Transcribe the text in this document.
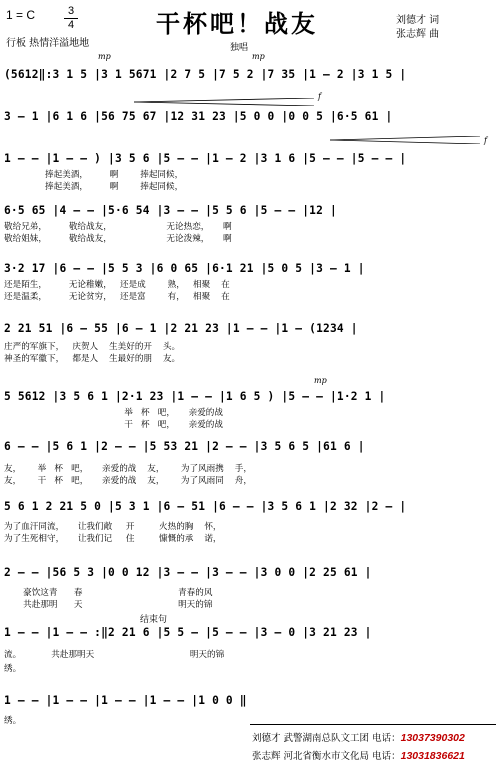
1 = C	3
4
行板 热情洋溢地地
干杯吧！战友	刘德才 词
张志辉 曲
独唱
mp	mp
f
mp
f
(5612‖:3 1 5 |3 1 5671 |2 7 5 |7 5 2 |7 35 |1 — 2 |3 1 5 |
3 — 1 |6 1 6 |56 75 67 |12 31 23 |5 0 0 |0 0 5 |6·5 61 |
1 — — |1 — — ) |3 5 6 |5 — — |1 — 2 |3 1 6 |5 — — |5 — — |
捧起美酒，        啊        捧起同候，
捧起美酒，        啊        捧起同候，
6·5 65 |4 — — |5·6 54 |3 — — |5 5 6 |5 — — |12 |
敬给兄弟，        敬给战友，                    无论热恋，     啊
敬给姐妹，        敬给战友，                    无论泼辣，     啊
3·2 17 |6 — — |5 5 3 |6 0 65 |6·1 21 |5 0 5 |3 — 1 |
还是陌生，        无论稚嫩，   还是成        熟，   相聚    在
还是温柔，        无论贫穷，   还是富        有，   相聚    在
2 21 51 |6 — 55 |6 — 1 |2 21 23 |1 — — |1 — (1234 |
庄严的军旗下，   庆贺人    生美好的开    头。
神圣的军徽下，   都是人    生最好的朋    友。
5 5612 |3 5 6 1 |2·1 23 |1 — — |1 6 5 ) |5 — — |1·2 1 |
举   杯   吧，     亲爱的战
干   杯   吧，     亲爱的战
6 — — |5 6 1 |2 — — |5 53 21 |2 — — |3 5 6 5 |61 6 |
友，      举   杯   吧，     亲爱的战    友，      为了风雨携    手，
友，      干   杯   吧，     亲爱的战    友，      为了风雨同    舟，
5 6 1 2 21 5 0 |5 3 1 |6 — 51 |6 — — |3 5 6 1 |2 32 |2 — |
为了血汗同流，     让我们敞     开         火热的胸    怀，
为了生死相守，     让我们记     住         慷慨的承    诺，
2 — — |56 5 3 |0 0 12 |3 — — |3 — — |3 0 0 |2 25 61 |
豪饮这青      春                                   青春的风
共赴那明      天                                   明天的锦
1 — — |1 — — :‖2 21 6 |5 5 — |5 — — |3 — 0 |3 21 23 |
流。           共赴那明天                                   明天的锦
绣。
结束句
1 — — |1 — — |1 — — |1 — — |1 0 0 ‖
绣。
刘德才 武警湖南总队文工团 电话：13037390302
张志辉 河北省衡水市文化局 电话：13031836621
